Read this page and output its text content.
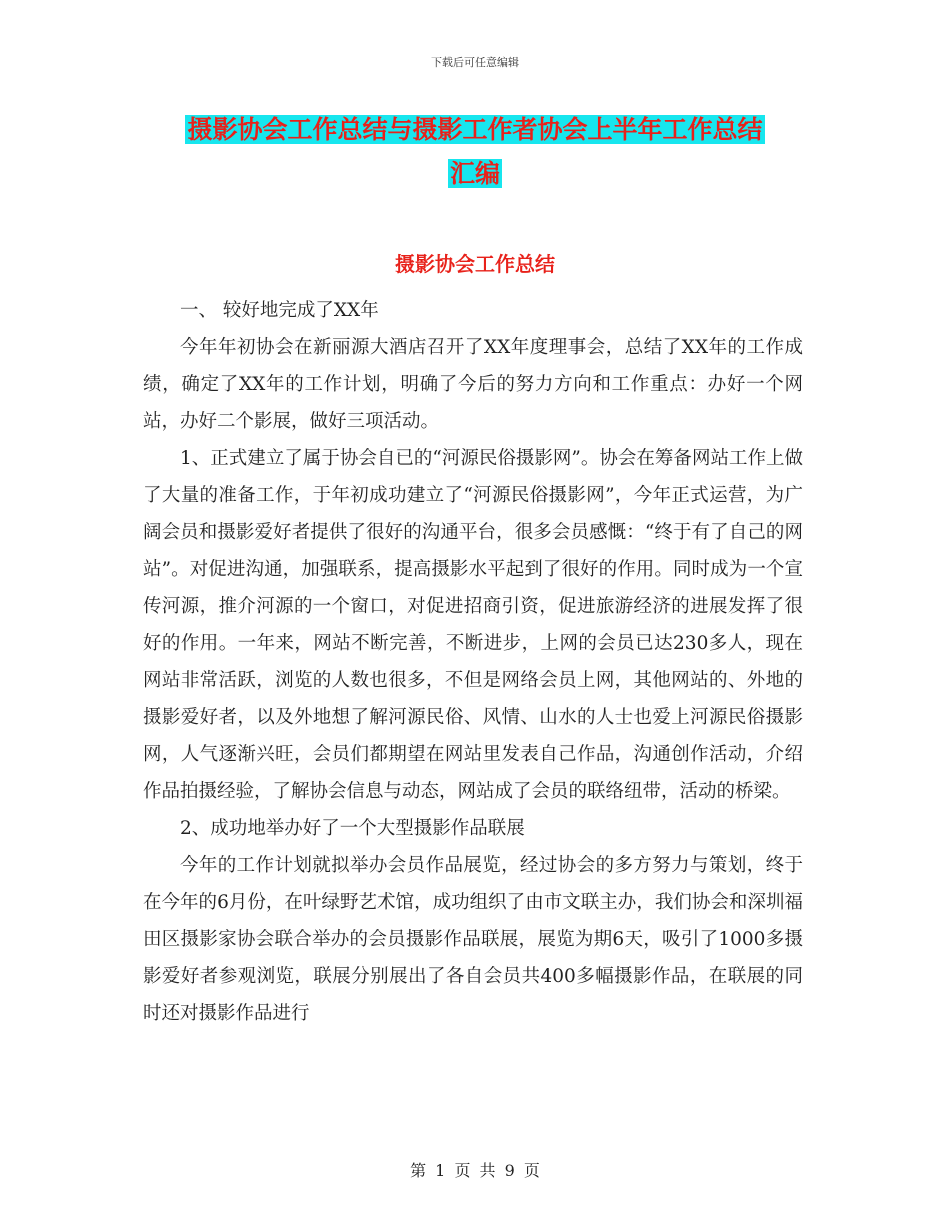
下载后可任意编辑
摄影协会工作总结与摄影工作者协会上半年工作总结
汇编
摄影协会工作总结

一、 较好地完成了XX年

今年年初协会在新丽源大酒店召开了XX年度理事会，总结了XX年的工作成绩，确定了XX年的工作计划，明确了今后的努力方向和工作重点：办好一个网站，办好二个影展，做好三项活动。

1、正式建立了属于协会自已的“河源民俗摄影网”。协会在筹备网站工作上做了大量的准备工作，于年初成功建立了“河源民俗摄影网”，今年正式运营，为广阔会员和摄影爱好者提供了很好的沟通平台，很多会员感慨：“终于有了自己的网站”。对促进沟通，加强联系，提高摄影水平起到了很好的作用。同时成为一个宣传河源，推介河源的一个窗口，对促进招商引资，促进旅游经济的进展发挥了很好的作用。一年来，网站不断完善，不断进步，上网的会员已达230多人，现在网站非常活跃，浏览的人数也很多，不但是网络会员上网，其他网站的、外地的摄影爱好者，以及外地想了解河源民俗、风情、山水的人士也爱上河源民俗摄影网，人气逐渐兴旺，会员们都期望在网站里发表自己作品，沟通创作活动，介绍作品拍摄经验，了解协会信息与动态，网站成了会员的联络纽带，活动的桥梁。

2、成功地举办好了一个大型摄影作品联展

今年的工作计划就拟举办会员作品展览，经过协会的多方努力与策划，终于在今年的6月份，在叶绿野艺术馆，成功组织了由市文联主办，我们协会和深圳福田区摄影家协会联合举办的会员摄影作品联展，展览为期6天，吸引了1000多摄影爱好者参观浏览，联展分别展出了各自会员共400多幅摄影作品，在联展的同时还对摄影作品进行

第 1 页 共 9 页
